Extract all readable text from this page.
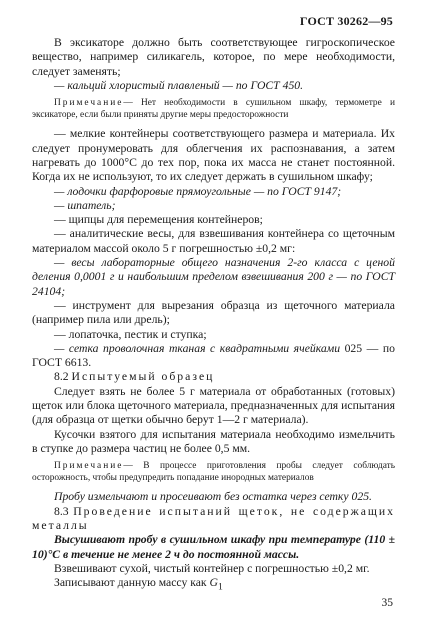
ГОСТ 30262—95

В эксикаторе должно быть соответствующее гигроскопическое вещество, например силикагель, которое, по мере необходимости, следует заменять;

— кальций хлористый плавленый — по ГОСТ 450.

Примечание— Нет необходимости в сушильном шкафу, термометре и эксикаторе, если были приняты другие меры предосторожности

— мелкие контейнеры соответствующего размера и материала. Их следует пронумеровать для облегчения их распознавания, а затем нагревать до 1000°С до тех пор, пока их масса не станет постоянной. Когда их не используют, то их следует держать в сушильном шкафу;

— лодочки фарфоровые прямоугольные — по ГОСТ 9147;

— шпатель;

— щипцы для перемещения контейнеров;

— аналитические весы, для взвешивания контейнера со щеточным материалом массой около 5 г погрешностью ±0,2 мг:

— весы лабораторные общего назначения 2-го класса с ценой деления 0,0001 г и наибольшим пределом взвешивания 200 г — по ГОСТ 24104;

— инструмент для вырезания образца из щеточного материала (например пила или дрель);

— лопаточка, пестик и ступка;

— сетка проволочная тканая с квадратными ячейками 025 — по ГОСТ 6613.

8.2 Испытуемый образец

Следует взять не более 5 г материала от обработанных (готовых) щеток или блока щеточного материала, предназначенных для испытания (для образца от щетки обычно берут 1—2 г материала).

Кусочки взятого для испытания материала необходимо измельчить в ступке до размера частиц не более 0,5 мм.

Примечание— В процессе приготовления пробы следует соблюдать осторожность, чтобы предупредить попадание инородных материалов

Пробу измельчают и просеивают без остатка через сетку 025.

8.3 Проведение испытаний щеток, не содержащих металлы

Высушивают пробу в сушильном шкафу при температуре (110 ± 10)°С в течение не менее 2 ч до постоянной массы.

Взвешивают сухой, чистый контейнер с погрешностью ±0,2 мг.

Записывают данную массу как $G_1$

35
